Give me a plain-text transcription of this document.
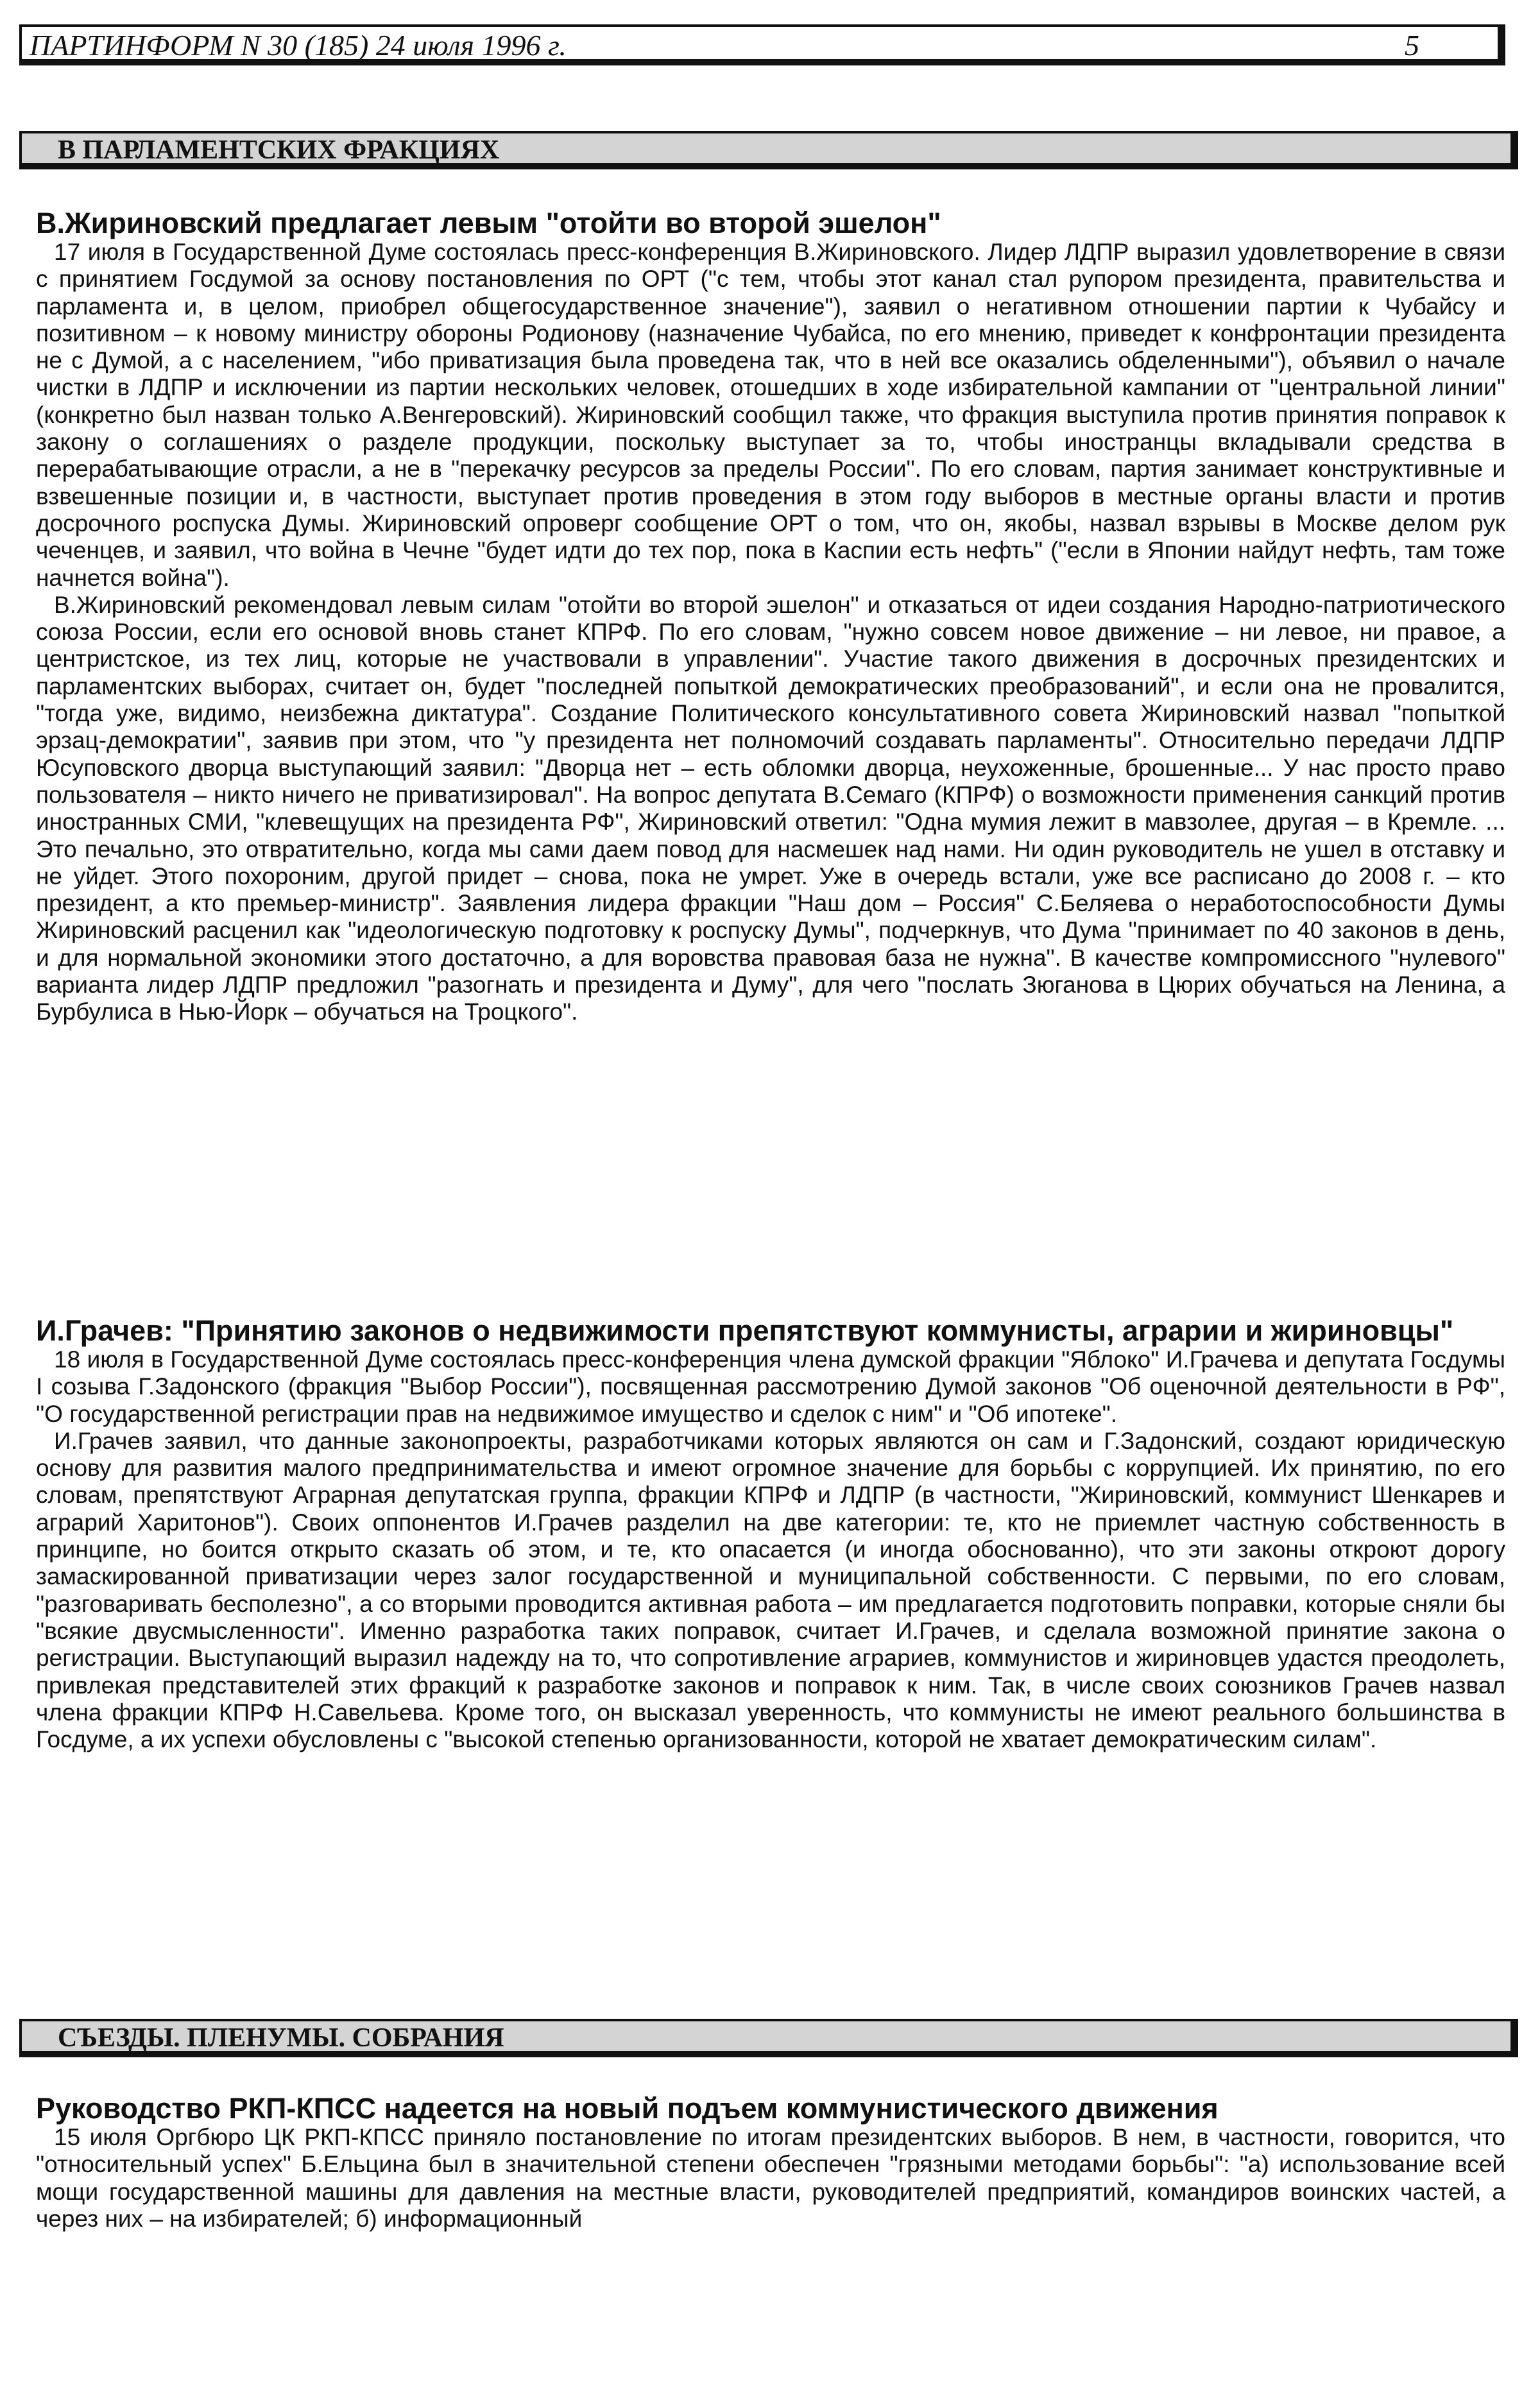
ПАРТИНФОРМ N 30 (185) 24 июля 1996 г.	5
В ПАРЛАМЕНТСКИХ ФРАКЦИЯХ
В.Жириновский предлагает левым "отойти во второй эшелон"

17 июля в Государственной Думе состоялась пресс-конференция В.Жириновского. Лидер ЛДПР выразил удовлетворение в связи с принятием Госдумой за основу постановления по ОРТ ("с тем, чтобы этот канал стал рупором президента, правительства и парламента и, в целом, приобрел общегосударственное значение"), заявил о негативном отношении партии к Чубайсу и позитивном – к новому министру обороны Родионову (назначение Чубайса, по его мнению, приведет к конфронтации президента не с Думой, а с населением, "ибо приватизация была проведена так, что в ней все оказались обделенными"), объявил о начале чистки в ЛДПР и исключении из партии нескольких человек, отошедших в ходе избирательной кампании от "центральной линии" (конкретно был назван только А.Венгеровский). Жириновский сообщил также, что фракция выступила против принятия поправок к закону о соглашениях о разделе продукции, поскольку выступает за то, чтобы иностранцы вкладывали средства в перерабатывающие отрасли, а не в "перекачку ресурсов за пределы России". По его словам, партия занимает конструктивные и взвешенные позиции и, в частности, выступает против проведения в этом году выборов в местные органы власти и против досрочного роспуска Думы. Жириновский опроверг сообщение ОРТ о том, что он, якобы, назвал взрывы в Москве делом рук чеченцев, и заявил, что война в Чечне "будет идти до тех пор, пока в Каспии есть нефть" ("если в Японии найдут нефть, там тоже начнется война").

В.Жириновский рекомендовал левым силам "отойти во второй эшелон" и отказаться от идеи создания Народно-патриотического союза России, если его основой вновь станет КПРФ. По его словам, "нужно совсем новое движение – ни левое, ни правое, а центристское, из тех лиц, которые не участвовали в управлении". Участие такого движения в досрочных президентских и парламентских выборах, считает он, будет "последней попыткой демократических преобразований", и если она не провалится, "тогда уже, видимо, неизбежна диктатура". Создание Политического консультативного совета Жириновский назвал "попыткой эрзац-демократии", заявив при этом, что "у президента нет полномочий создавать парламенты". Относительно передачи ЛДПР Юсуповского дворца выступающий заявил: "Дворца нет – есть обломки дворца, неухоженные, брошенные... У нас просто право пользователя – никто ничего не приватизировал". На вопрос депутата В.Семаго (КПРФ) о возможности применения санкций против иностранных СМИ, "клевещущих на президента РФ", Жириновский ответил: "Одна мумия лежит в мавзолее, другая – в Кремле. ... Это печально, это отвратительно, когда мы сами даем повод для насмешек над нами. Ни один руководитель не ушел в отставку и не уйдет. Этого похороним, другой придет – снова, пока не умрет. Уже в очередь встали, уже все расписано до 2008 г. – кто президент, а кто премьер-министр". Заявления лидера фракции "Наш дом – Россия" С.Беляева о неработоспособности Думы Жириновский расценил как "идеологическую подготовку к роспуску Думы", подчеркнув, что Дума "принимает по 40 законов в день, и для нормальной экономики этого достаточно, а для воровства правовая база не нужна". В качестве компромиссного "нулевого" варианта лидер ЛДПР предложил "разогнать и президента и Думу", для чего "послать Зюганова в Цюрих обучаться на Ленина, а Бурбулиса в Нью-Йорк – обучаться на Троцкого".

И.Грачев: "Принятию законов о недвижимости препятствуют коммунисты, аграрии и жириновцы"

18 июля в Государственной Думе состоялась пресс-конференция члена думской фракции "Яблоко" И.Грачева и депутата Госдумы I созыва Г.Задонского (фракция "Выбор России"), посвященная рассмотрению Думой законов "Об оценочной деятельности в РФ", "О государственной регистрации прав на недвижимое имущество и сделок с ним" и "Об ипотеке".

И.Грачев заявил, что данные законопроекты, разработчиками которых являются он сам и Г.Задонский, создают юридическую основу для развития малого предпринимательства и имеют огромное значение для борьбы с коррупцией. Их принятию, по его словам, препятствуют Аграрная депутатская группа, фракции КПРФ и ЛДПР (в частности, "Жириновский, коммунист Шенкарев и аграрий Харитонов"). Своих оппонентов И.Грачев разделил на две категории: те, кто не приемлет частную собственность в принципе, но боится открыто сказать об этом, и те, кто опасается (и иногда обоснованно), что эти законы откроют дорогу замаскированной приватизации через залог государственной и муниципальной собственности. С первыми, по его словам, "разговаривать бесполезно", а со вторыми проводится активная работа – им предлагается подготовить поправки, которые сняли бы "всякие двусмысленности". Именно разработка таких поправок, считает И.Грачев, и сделала возможной принятие закона о регистрации. Выступающий выразил надежду на то, что сопротивление аграриев, коммунистов и жириновцев удастся преодолеть, привлекая представителей этих фракций к разработке законов и поправок к ним. Так, в числе своих союзников Грачев назвал члена фракции КПРФ Н.Савельева. Кроме того, он высказал уверенность, что коммунисты не имеют реального большинства в Госдуме, а их успехи обусловлены с "высокой степенью организованности, которой не хватает демократическим силам".

СЪЕЗДЫ. ПЛЕНУМЫ. СОБРАНИЯ
Руководство РКП-КПСС надеется на новый подъем коммунистического движения

15 июля Оргбюро ЦК РКП-КПСС приняло постановление по итогам президентских выборов. В нем, в частности, говорится, что "относительный успех" Б.Ельцина был в значительной степени обеспечен "грязными методами борьбы": "а) использование всей мощи государственной машины для давления на местные власти, руководителей предприятий, командиров воинских частей, а через них – на избирателей; б) информационный
